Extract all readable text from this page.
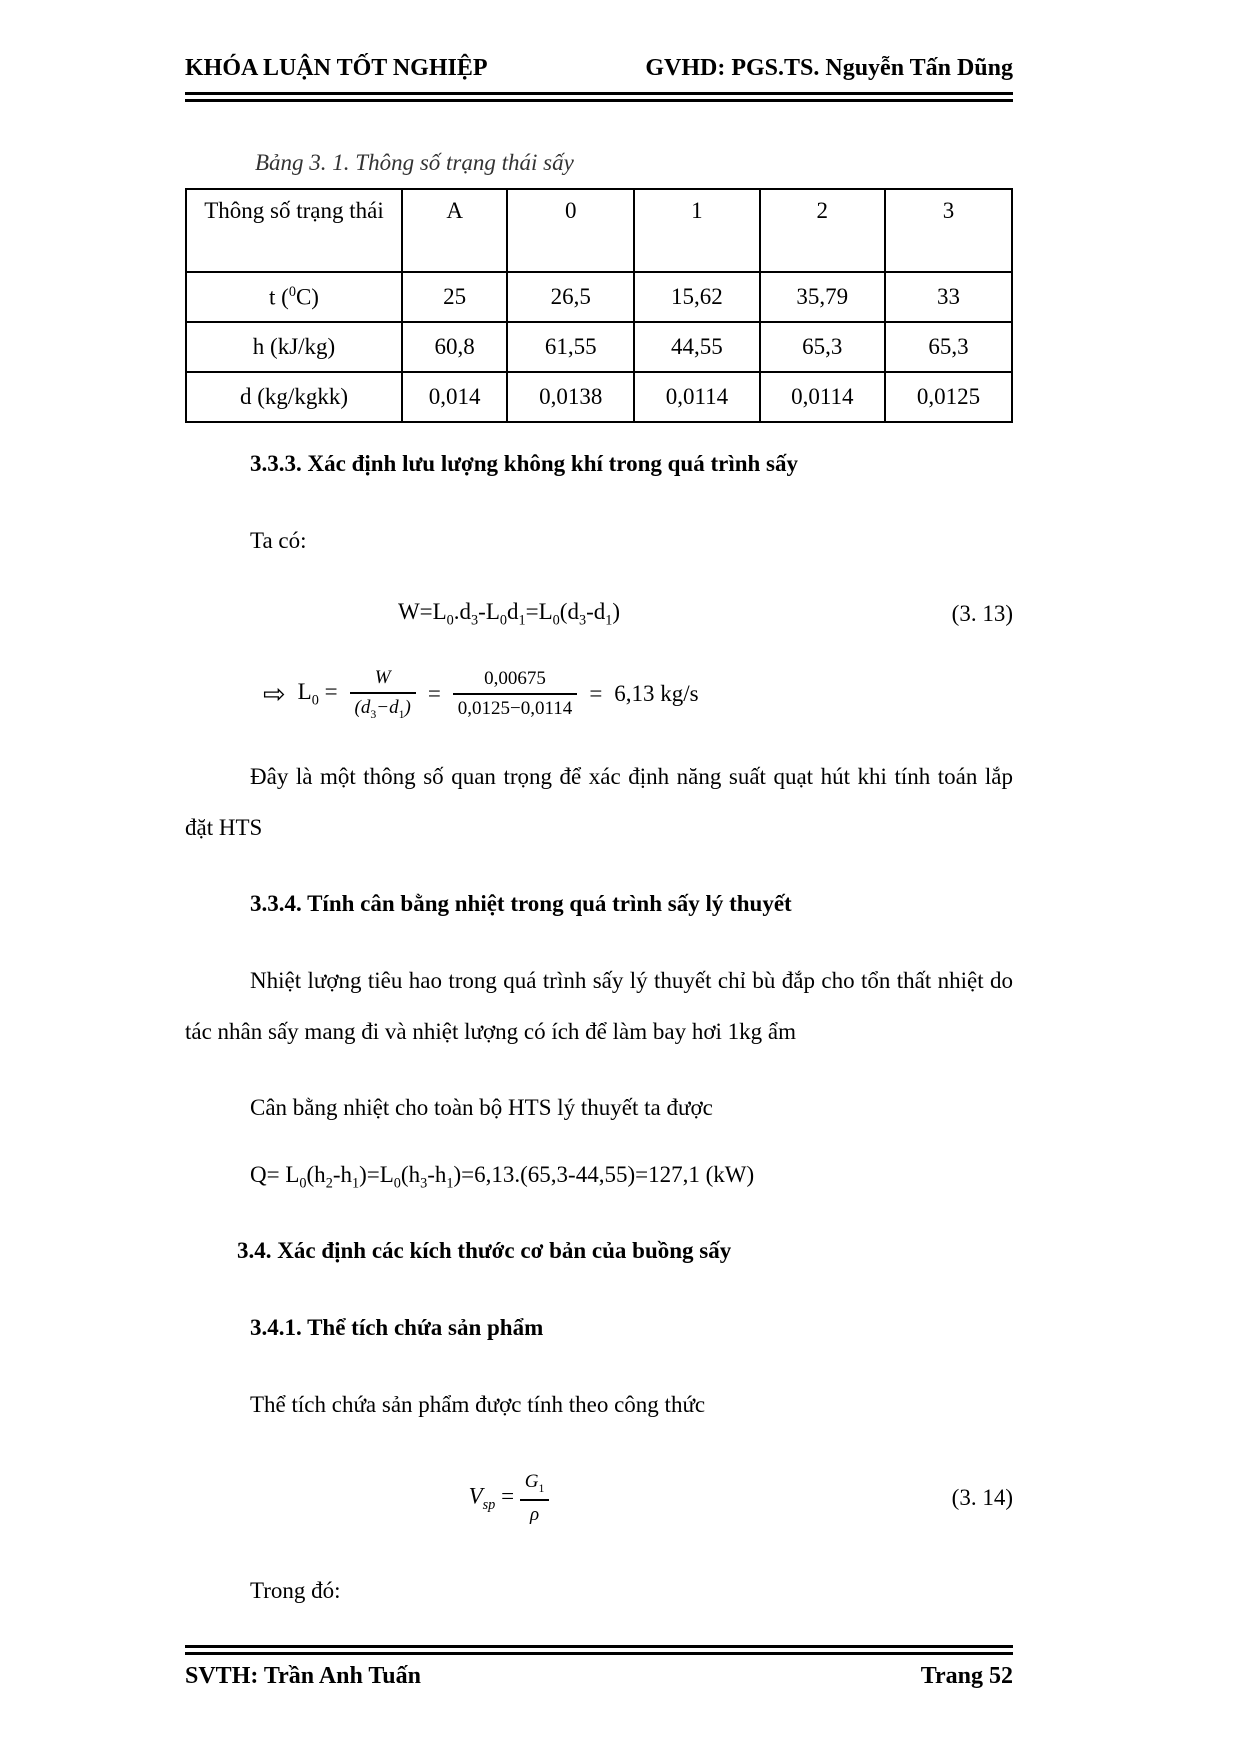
KHÓA LUẬN TỐT NGHIỆP	GVHD: PGS.TS. Nguyễn Tấn Dũng
Bảng 3. 1. Thông số trạng thái sấy
Thông số trạng thái	A	0	1	2	3
t ($^0$C)	25	26,5	15,62	35,79	33
h (kJ/kg)	60,8	61,55	44,55	65,3	65,3
d (kg/kgkk)	0,014	0,0138	0,0114	0,0114	0,0125

3.3.3. Xác định lưu lượng không khí trong quá trình sấy

Ta có:

$W=L_0.d_3-L_0d_1=L_0(d_3-d_1)$	(3. 13)
⇨ $L_0 = \frac{W}{(d_3-d_1)} = \frac{0,00675}{0,0125-0,0114} = 6,13$ kg/s

Đây là một thông số quan trọng để xác định năng suất quạt hút khi tính toán lắp đặt HTS

3.3.4. Tính cân bằng nhiệt trong quá trình sấy lý thuyết

Nhiệt lượng tiêu hao trong quá trình sấy lý thuyết chỉ bù đắp cho tổn thất nhiệt do tác nhân sấy mang đi và nhiệt lượng có ích để làm bay hơi 1kg ẩm

Cân bằng nhiệt cho toàn bộ HTS lý thuyết ta được

$Q= L_0(h_2-h_1)=L_0(h_3-h_1)=6,13.(65,3-44,55)=127,1$ (kW)

3.4. Xác định các kích thước cơ bản của buồng sấy

3.4.1. Thể tích chứa sản phẩm

Thể tích chứa sản phẩm được tính theo công thức

$V_{sp} = \frac{G_1}{\rho}$	(3. 14)

Trong đó:

SVTH: Trần Anh Tuấn	Trang 52
